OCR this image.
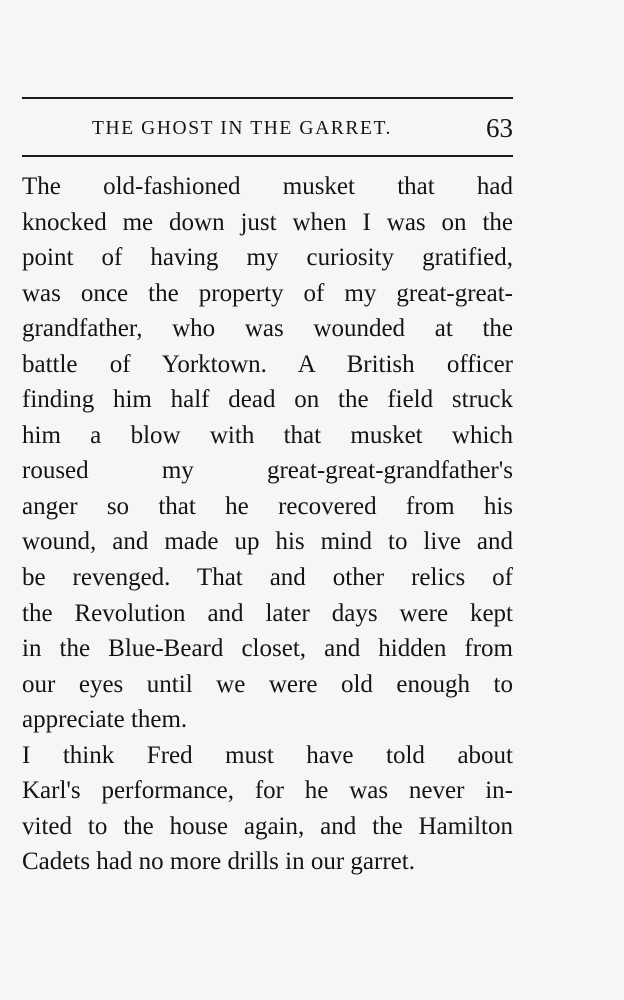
THE GHOST IN THE GARRET.	63
The old-fashioned musket that had
knocked me down just when I was on the
point of having my curiosity gratified,
was once the property of my great-great-
grandfather, who was wounded at the
battle of Yorktown. A British officer
finding him half dead on the field struck
him a blow with that musket which
roused my great-great-grandfather's
anger so that he recovered from his
wound, and made up his mind to live and
be revenged. That and other relics of
the Revolution and later days were kept
in the Blue-Beard closet, and hidden from
our eyes until we were old enough to
appreciate them.
I think Fred must have told about
Karl's performance, for he was never in-
vited to the house again, and the Hamilton
Cadets had no more drills in our garret.
